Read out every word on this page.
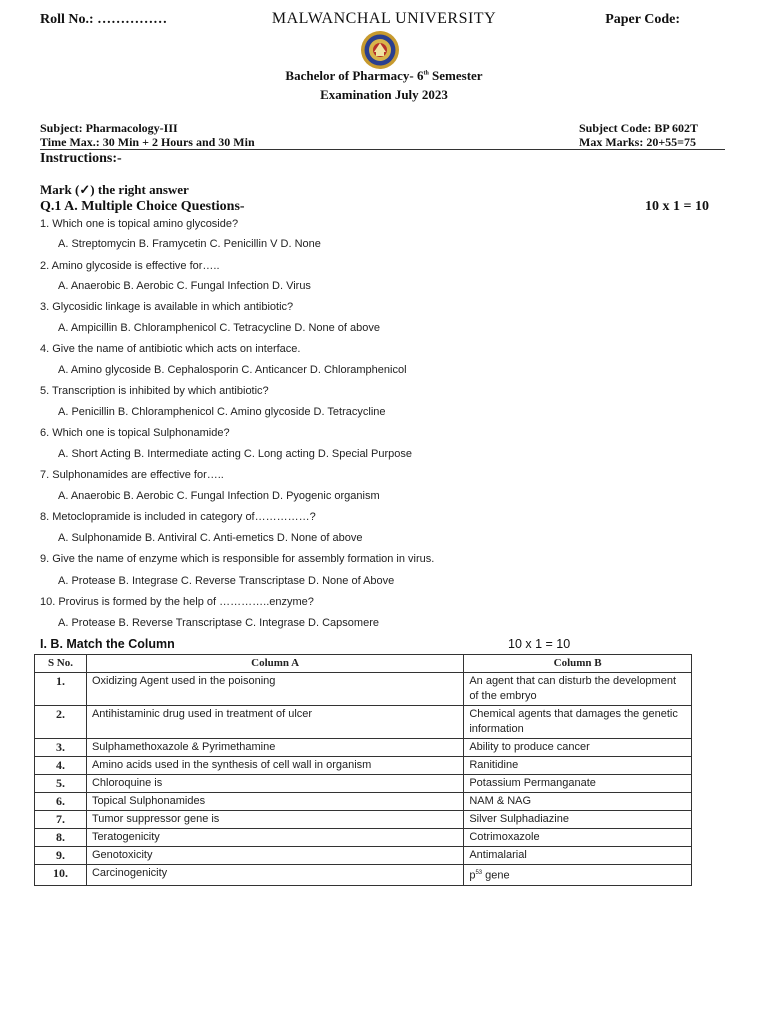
Roll No.: ……………	MALWANCHAL UNIVERSITY	Paper Code:
Bachelor of Pharmacy- 6th Semester
Examination July 2023
Subject: Pharmacology-III	Subject Code: BP 602T
Time Max.: 30 Min + 2 Hours and 30 Min	Max Marks: 20+55=75
Instructions:-
Mark (✓) the right answer
Q.1 A. Multiple Choice Questions-	10 x 1 = 10
1. Which one is topical amino glycoside?
A. Streptomycin B. Framycetin C. Penicillin V D. None
2. Amino glycoside is effective for…..
A. Anaerobic B. Aerobic C. Fungal Infection D. Virus
3. Glycosidic linkage is available in which antibiotic?
A. Ampicillin B. Chloramphenicol C. Tetracycline D. None of above
4. Give the name of antibiotic which acts on interface.
A. Amino glycoside B. Cephalosporin C. Anticancer D. Chloramphenicol
5. Transcription is inhibited by which antibiotic?
A. Penicillin B. Chloramphenicol C. Amino glycoside D. Tetracycline
6. Which one is topical Sulphonamide?
A. Short Acting B. Intermediate acting C. Long acting D. Special Purpose
7. Sulphonamides are effective for…..
A. Anaerobic B. Aerobic C. Fungal Infection D. Pyogenic organism
8. Metoclopramide is included in category of……………?
A. Sulphonamide B. Antiviral C. Anti-emetics D. None of above
9. Give the name of enzyme which is responsible for assembly formation in virus.
A. Protease B. Integrase C. Reverse Transcriptase D. None of Above
10. Provirus is formed by the help of …………..enzyme?
A. Protease B. Reverse Transcriptase C. Integrase D. Capsomere
I. B. Match the Column	10 x 1 = 10
S No.	Column A	Column B
1.	Oxidizing Agent used in the poisoning	An agent that can disturb the development of the embryo
2.	Antihistaminic drug used in treatment of ulcer	Chemical agents that damages the genetic information
3.	Sulphamethoxazole & Pyrimethamine	Ability to produce cancer
4.	Amino acids used in the synthesis of cell wall in organism	Ranitidine
5.	Chloroquine is	Potassium Permanganate
6.	Topical Sulphonamides	NAM & NAG
7.	Tumor suppressor gene is	Silver Sulphadiazine
8.	Teratogenicity	Cotrimoxazole
9.	Genotoxicity	Antimalarial
10.	Carcinogenicity	$p^{53}$ gene
